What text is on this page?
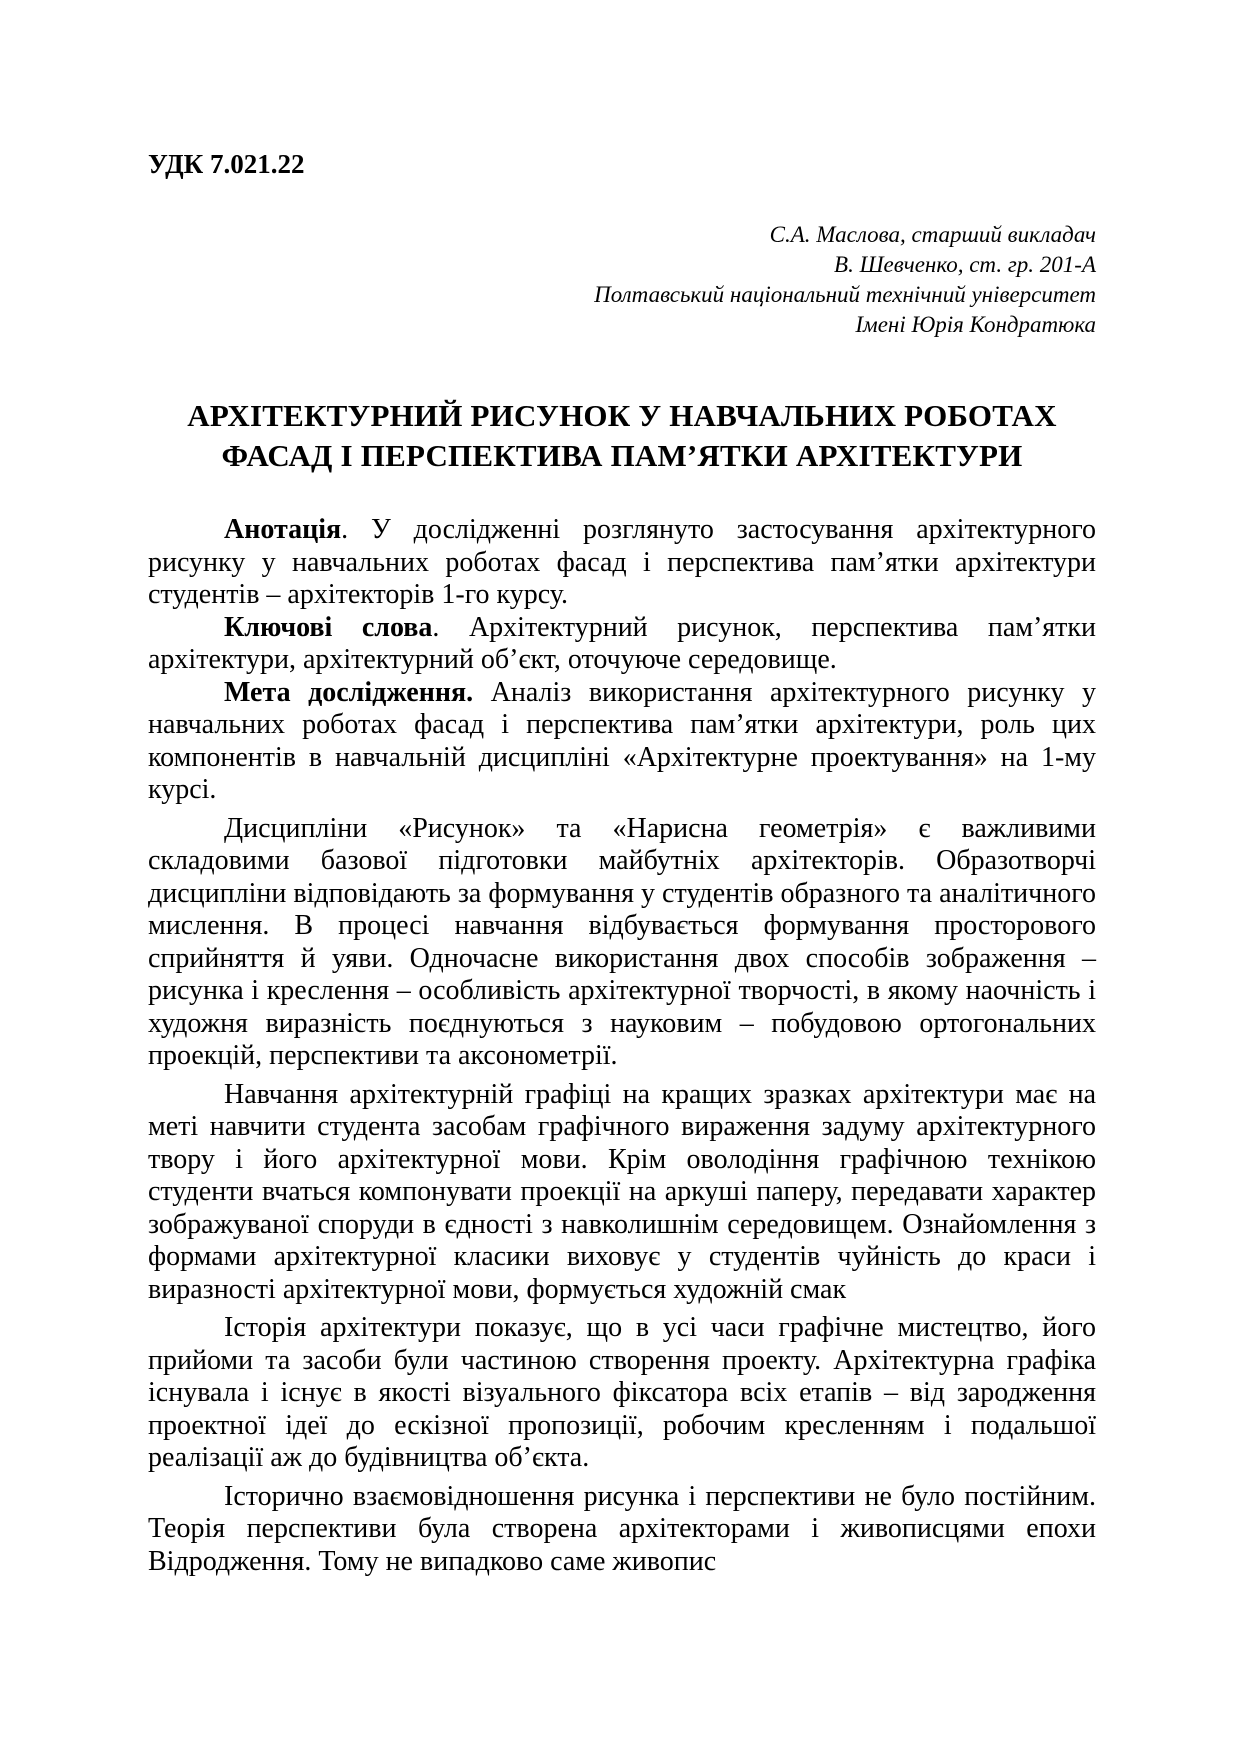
УДК 7.021.22

С.А. Маслова, старший викладач
В. Шевченко, ст. гр. 201-А
Полтавський національний технічний університет
Імені Юрія Кондратюка
АРХІТЕКТУРНИЙ РИСУНОК У НАВЧАЛЬНИХ РОБОТАХ
ФАСАД І ПЕРСПЕКТИВА ПАМ’ЯТКИ АРХІТЕКТУРИ

Анотація. У дослідженні розглянуто застосування архітектурного рисунку у навчальних роботах фасад і перспектива пам’ятки архітектури студентів – архітекторів 1-го курсу.

Ключові слова. Архітектурний рисунок, перспектива пам’ятки архітектури, архітектурний об’єкт, оточуюче середовище.

Мета дослідження. Аналіз використання архітектурного рисунку у навчальних роботах фасад і перспектива пам’ятки архітектури, роль цих компонентів в навчальній дисципліні «Архітектурне проектування» на 1-му курсі.

Дисципліни «Рисунок» та «Нарисна геометрія» є важливими складовими базової підготовки майбутніх архітекторів. Образотворчі дисципліни відповідають за формування у студентів образного та аналітичного мислення. В процесі навчання відбувається формування просторового сприйняття й уяви. Одночасне використання двох способів зображення – рисунка і креслення – особливість архітектурної творчості, в якому наочність і художня виразність поєднуються з науковим – побудовою ортогональних проекцій, перспективи та аксонометрії.

Навчання архітектурній графіці на кращих зразках архітектури має на меті навчити студента засобам графічного вираження задуму архітектурного твору і його архітектурної мови. Крім оволодіння графічною технікою студенти вчаться компонувати проекції на аркуші паперу, передавати характер зображуваної споруди в єдності з навколишнім середовищем. Ознайомлення з формами архітектурної класики виховує у студентів чуйність до краси і виразності архітектурної мови, формується художній смак

Історія архітектури показує, що в усі часи графічне мистецтво, його прийоми та засоби були частиною створення проекту. Архітектурна графіка існувала і існує в якості візуального фіксатора всіх етапів – від зародження проектної ідеї до ескізної пропозиції, робочим кресленням і подальшої реалізації аж до будівництва об’єкта.

Історично взаємовідношення рисунка і перспективи не було постійним. Теорія перспективи була створена архітекторами і живописцями епохи Відродження. Тому не випадково саме живопис
